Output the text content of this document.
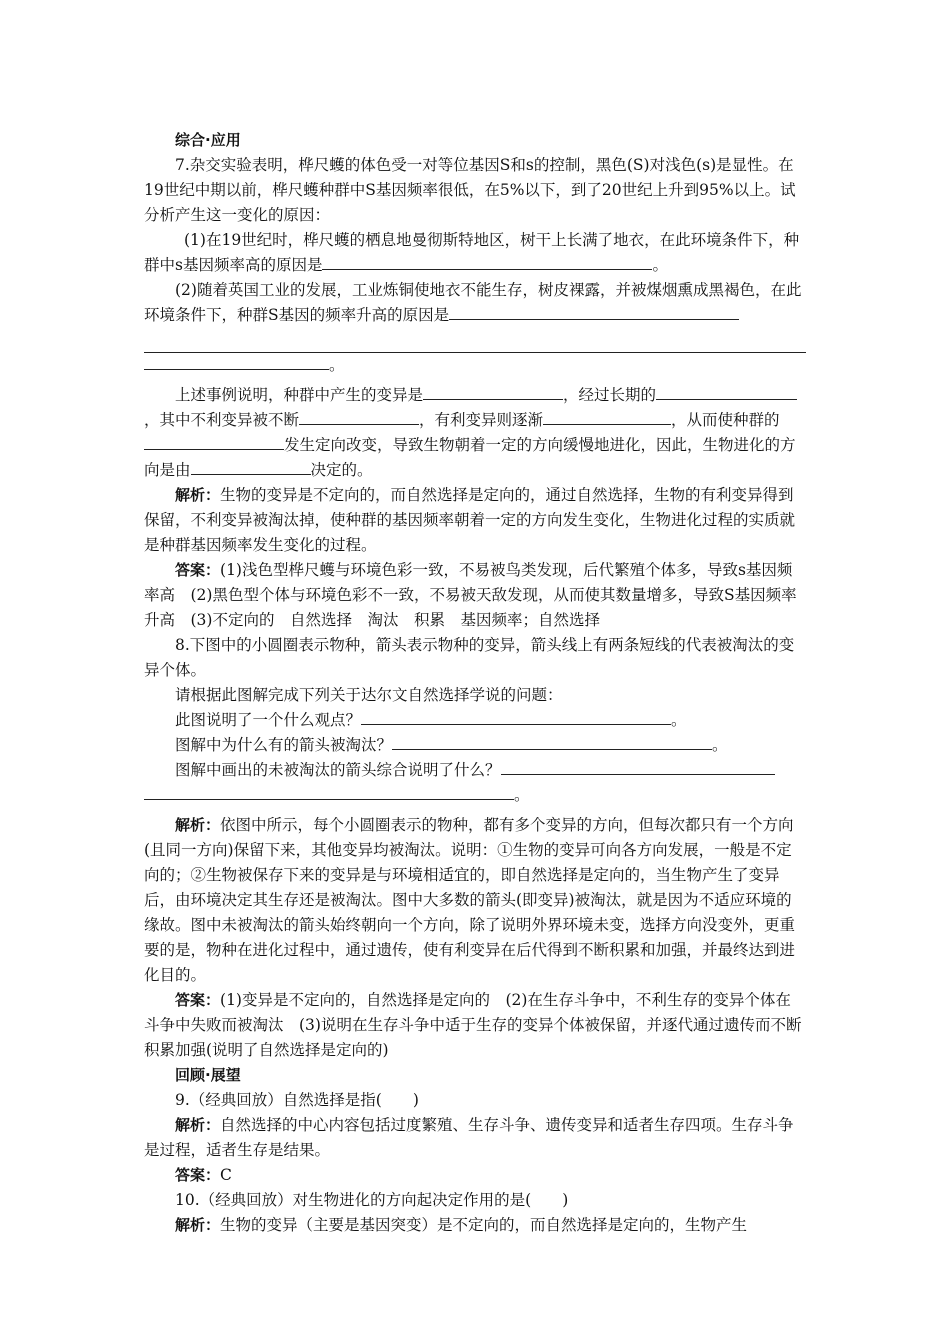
综合·应用

7.杂交实验表明，桦尺蠖的体色受一对等位基因S和s的控制，黑色(S)对浅色(s)是显性。在19世纪中期以前，桦尺蠖种群中S基因频率很低，在5%以下，到了20世纪上升到95%以上。试分析产生这一变化的原因：

(1)在19世纪时，桦尺蠖的栖息地曼彻斯特地区，树干上长满了地衣，在此环境条件下，种群中s基因频率高的原因是	。

(2)随着英国工业的发展，工业炼铜使地衣不能生存，树皮裸露，并被煤烟熏成黑褐色，在此环境条件下，种群S基因的频率升高的原因是

。

上述事例说明，种群中产生的变异是	，经过长期的，其中不利变异被不断	，有利变异则逐渐	，从而使种群的发生定向改变，导致生物朝着一定的方向缓慢地进化，因此，生物进化的方向是由	决定的。

解析：生物的变异是不定向的，而自然选择是定向的，通过自然选择，生物的有利变异得到保留，不利变异被淘汰掉，使种群的基因频率朝着一定的方向发生变化，生物进化过程的实质就是种群基因频率发生变化的过程。

答案：(1)浅色型桦尺蠖与环境色彩一致，不易被鸟类发现，后代繁殖个体多，导致s基因频率高　(2)黑色型个体与环境色彩不一致，不易被天敌发现，从而使其数量增多，导致S基因频率升高　(3)不定向的　自然选择　淘汰　积累　基因频率；自然选择

8.下图中的小圆圈表示物种，箭头表示物种的变异，箭头线上有两条短线的代表被淘汰的变异个体。

请根据此图解完成下列关于达尔文自然选择学说的问题：

此图说明了一个什么观点？	。

图解中为什么有的箭头被淘汰？	。

图解中画出的未被淘汰的箭头综合说明了什么？

。

解析：依图中所示，每个小圆圈表示的物种，都有多个变异的方向，但每次都只有一个方向(且同一方向)保留下来，其他变异均被淘汰。说明：①生物的变异可向各方向发展，一般是不定向的；②生物被保存下来的变异是与环境相适宜的，即自然选择是定向的，当生物产生了变异后，由环境决定其生存还是被淘汰。图中大多数的箭头(即变异)被淘汰，就是因为不适应环境的缘故。图中未被淘汰的箭头始终朝向一个方向，除了说明外界环境未变，选择方向没变外，更重要的是，物种在进化过程中，通过遗传，使有利变异在后代得到不断积累和加强，并最终达到进化目的。

答案：(1)变异是不定向的，自然选择是定向的　(2)在生存斗争中，不利生存的变异个体在斗争中失败而被淘汰　(3)说明在生存斗争中适于生存的变异个体被保留，并逐代通过遗传而不断积累加强(说明了自然选择是定向的)

回顾·展望

9.（经典回放）自然选择是指(　　)

解析：自然选择的中心内容包括过度繁殖、生存斗争、遗传变异和适者生存四项。生存斗争是过程，适者生存是结果。

答案：C

10.（经典回放）对生物进化的方向起决定作用的是(　　)

解析：生物的变异（主要是基因突变）是不定向的，而自然选择是定向的，生物产生
